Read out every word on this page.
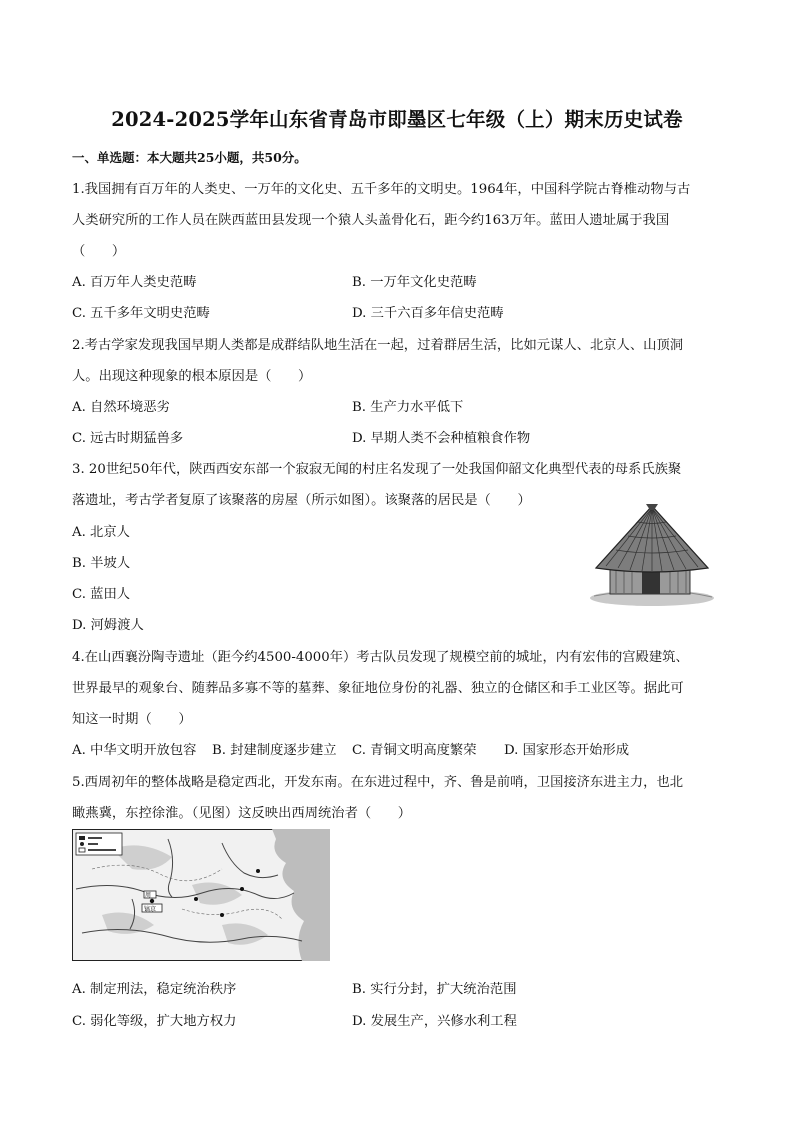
2024-2025学年山东省青岛市即墨区七年级（上）期末历史试卷
一、单选题：本大题共25小题，共50分。
1.我国拥有百万年的人类史、一万年的文化史、五千多年的文明史。1964年，中国科学院古脊椎动物与古
人类研究所的工作人员在陕西蓝田县发现一个猿人头盖骨化石，距今约163万年。蓝田人遗址属于我国
（　　）
A. 百万年人类史范畴	B. 一万年文化史范畴
C. 五千多年文明史范畴	D. 三千六百多年信史范畴
2.考古学家发现我国早期人类都是成群结队地生活在一起，过着群居生活，比如元谋人、北京人、山顶洞
人。出现这种现象的根本原因是（　　）
A. 自然环境恶劣	B. 生产力水平低下
C. 远古时期猛兽多	D. 早期人类不会种植粮食作物
3. 20世纪50年代，陕西西安东部一个寂寂无闻的村庄名发现了一处我国仰韶文化典型代表的母系氏族聚
落遗址，考古学者复原了该聚落的房屋（所示如图）。该聚落的居民是（　　）
A. 北京人
B. 半坡人
C. 蓝田人
D. 河姆渡人
4.在山西襄汾陶寺遗址（距今约4500-4000年）考古队员发现了规模空前的城址，内有宏伟的宫殿建筑、
世界最早的观象台、随葬品多寡不等的墓葬、象征地位身份的礼器、独立的仓储区和手工业区等。据此可
知这一时期（　　）
A. 中华文明开放包容 B. 封建制度逐步建立 C. 青铜文明高度繁荣 D. 国家形态开始形成
5.西周初年的整体战略是稳定西北，开发东南。在东进过程中，齐、鲁是前哨，卫国接济东进主力，也北
瞰燕冀，东控徐淮。（见图）这反映出西周统治者（　　）
周
镐京
A. 制定刑法，稳定统治秩序	B. 实行分封，扩大统治范围
C. 弱化等级，扩大地方权力	D. 发展生产，兴修水利工程
